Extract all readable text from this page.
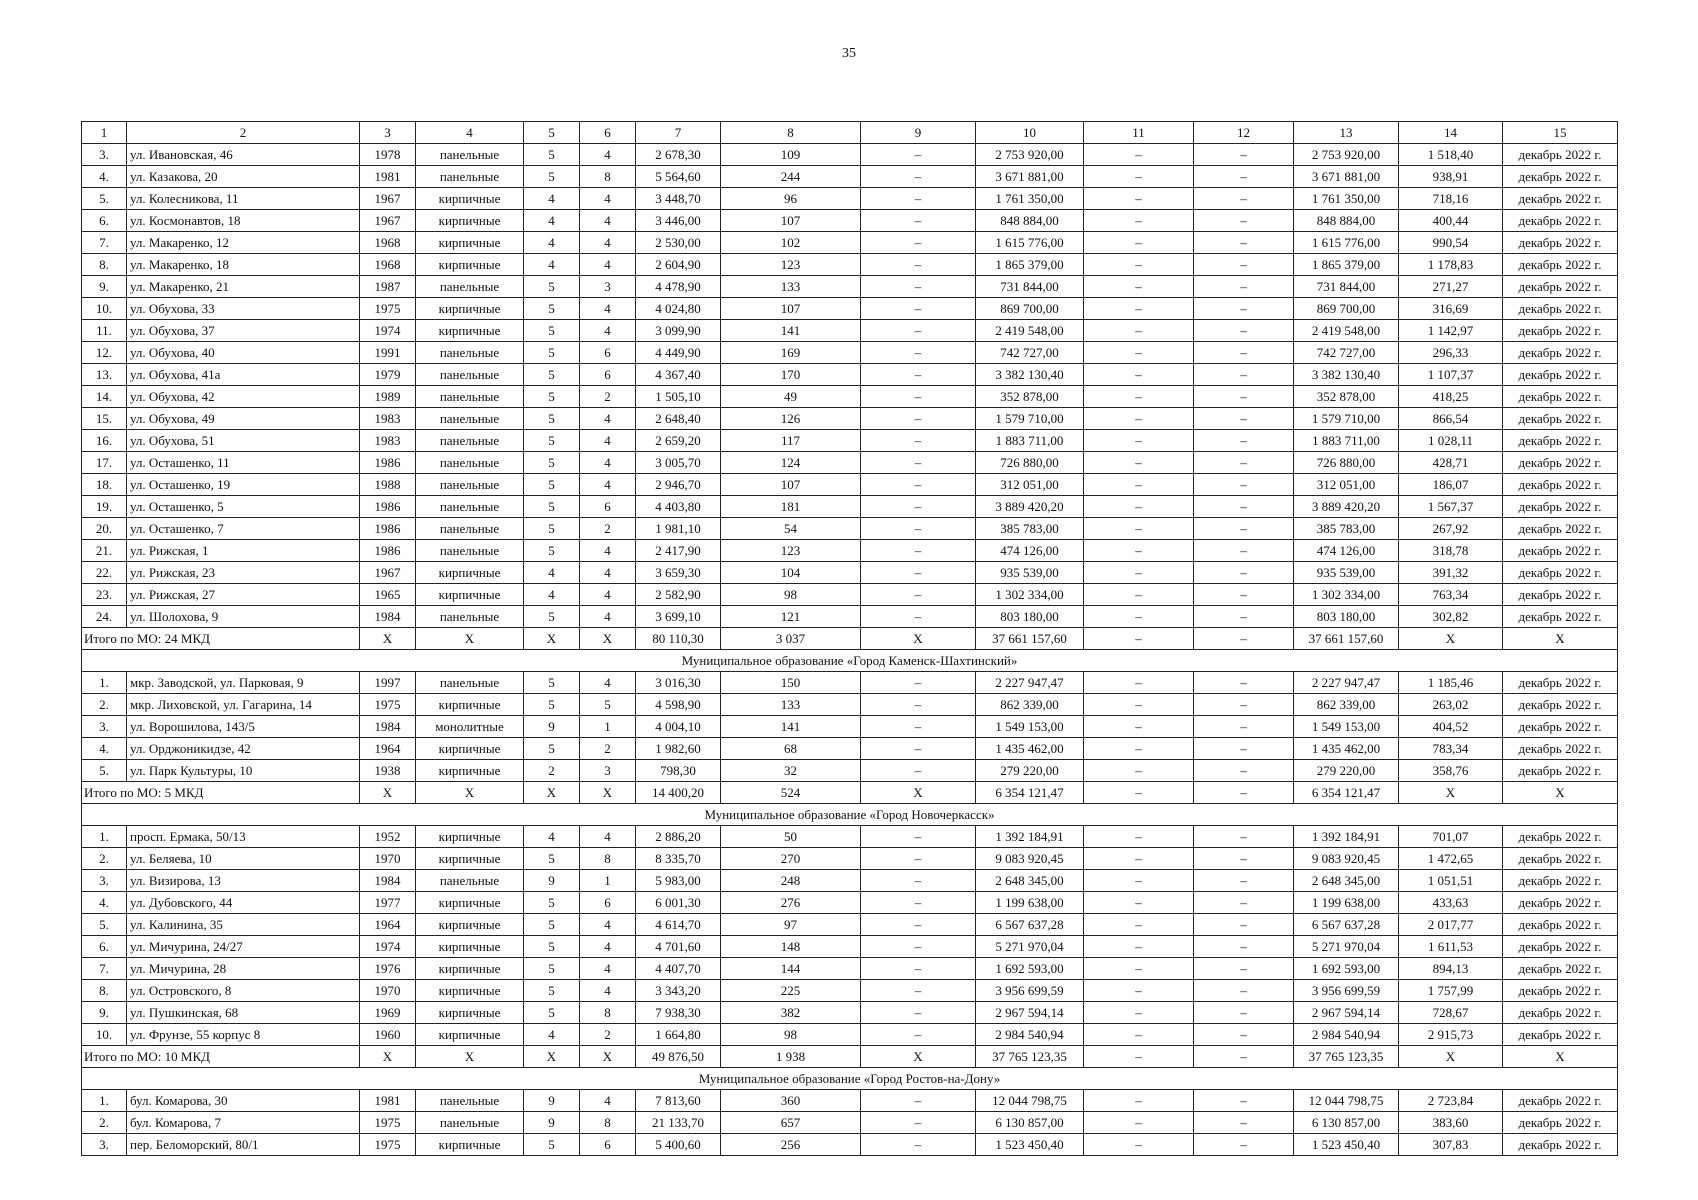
35
1	2	3	4	5	6	7	8	9	10	11	12	13	14	15
3.	ул. Ивановская, 46	1978	панельные	5	4	2 678,30	109	–	2 753 920,00	–	–	2 753 920,00	1 518,40	декабрь 2022 г.
4.	ул. Казакова, 20	1981	панельные	5	8	5 564,60	244	–	3 671 881,00	–	–	3 671 881,00	938,91	декабрь 2022 г.
5.	ул. Колесникова, 11	1967	кирпичные	4	4	3 448,70	96	–	1 761 350,00	–	–	1 761 350,00	718,16	декабрь 2022 г.
6.	ул. Космонавтов, 18	1967	кирпичные	4	4	3 446,00	107	–	848 884,00	–	–	848 884,00	400,44	декабрь 2022 г.
7.	ул. Макаренко, 12	1968	кирпичные	4	4	2 530,00	102	–	1 615 776,00	–	–	1 615 776,00	990,54	декабрь 2022 г.
8.	ул. Макаренко, 18	1968	кирпичные	4	4	2 604,90	123	–	1 865 379,00	–	–	1 865 379,00	1 178,83	декабрь 2022 г.
9.	ул. Макаренко, 21	1987	панельные	5	3	4 478,90	133	–	731 844,00	–	–	731 844,00	271,27	декабрь 2022 г.
10.	ул. Обухова, 33	1975	кирпичные	5	4	4 024,80	107	–	869 700,00	–	–	869 700,00	316,69	декабрь 2022 г.
11.	ул. Обухова, 37	1974	кирпичные	5	4	3 099,90	141	–	2 419 548,00	–	–	2 419 548,00	1 142,97	декабрь 2022 г.
12.	ул. Обухова, 40	1991	панельные	5	6	4 449,90	169	–	742 727,00	–	–	742 727,00	296,33	декабрь 2022 г.
13.	ул. Обухова, 41а	1979	панельные	5	6	4 367,40	170	–	3 382 130,40	–	–	3 382 130,40	1 107,37	декабрь 2022 г.
14.	ул. Обухова, 42	1989	панельные	5	2	1 505,10	49	–	352 878,00	–	–	352 878,00	418,25	декабрь 2022 г.
15.	ул. Обухова, 49	1983	панельные	5	4	2 648,40	126	–	1 579 710,00	–	–	1 579 710,00	866,54	декабрь 2022 г.
16.	ул. Обухова, 51	1983	панельные	5	4	2 659,20	117	–	1 883 711,00	–	–	1 883 711,00	1 028,11	декабрь 2022 г.
17.	ул. Осташенко, 11	1986	панельные	5	4	3 005,70	124	–	726 880,00	–	–	726 880,00	428,71	декабрь 2022 г.
18.	ул. Осташенко, 19	1988	панельные	5	4	2 946,70	107	–	312 051,00	–	–	312 051,00	186,07	декабрь 2022 г.
19.	ул. Осташенко, 5	1986	панельные	5	6	4 403,80	181	–	3 889 420,20	–	–	3 889 420,20	1 567,37	декабрь 2022 г.
20.	ул. Осташенко, 7	1986	панельные	5	2	1 981,10	54	–	385 783,00	–	–	385 783,00	267,92	декабрь 2022 г.
21.	ул. Рижская, 1	1986	панельные	5	4	2 417,90	123	–	474 126,00	–	–	474 126,00	318,78	декабрь 2022 г.
22.	ул. Рижская, 23	1967	кирпичные	4	4	3 659,30	104	–	935 539,00	–	–	935 539,00	391,32	декабрь 2022 г.
23.	ул. Рижская, 27	1965	кирпичные	4	4	2 582,90	98	–	1 302 334,00	–	–	1 302 334,00	763,34	декабрь 2022 г.
24.	ул. Шолохова, 9	1984	панельные	5	4	3 699,10	121	–	803 180,00	–	–	803 180,00	302,82	декабрь 2022 г.
Итого по МО: 24 МКД		X	X	X	X	80 110,30	3 037	X	37 661 157,60	–	–	37 661 157,60	X	X
Муниципальное образование «Город Каменск-Шахтинский»														
1.	мкр. Заводской, ул. Парковая, 9	1997	панельные	5	4	3 016,30	150	–	2 227 947,47	–	–	2 227 947,47	1 185,46	декабрь 2022 г.
2.	мкр. Лиховской, ул. Гагарина, 14	1975	кирпичные	5	5	4 598,90	133	–	862 339,00	–	–	862 339,00	263,02	декабрь 2022 г.
3.	ул. Ворошилова, 143/5	1984	монолитные	9	1	4 004,10	141	–	1 549 153,00	–	–	1 549 153,00	404,52	декабрь 2022 г.
4.	ул. Орджоникидзе, 42	1964	кирпичные	5	2	1 982,60	68	–	1 435 462,00	–	–	1 435 462,00	783,34	декабрь 2022 г.
5.	ул. Парк Культуры, 10	1938	кирпичные	2	3	798,30	32	–	279 220,00	–	–	279 220,00	358,76	декабрь 2022 г.
Итого по МО: 5 МКД		X	X	X	X	14 400,20	524	X	6 354 121,47	–	–	6 354 121,47	X	X
Муниципальное образование «Город Новочеркасск»														
1.	просп. Ермака, 50/13	1952	кирпичные	4	4	2 886,20	50	–	1 392 184,91	–	–	1 392 184,91	701,07	декабрь 2022 г.
2.	ул. Беляева, 10	1970	кирпичные	5	8	8 335,70	270	–	9 083 920,45	–	–	9 083 920,45	1 472,65	декабрь 2022 г.
3.	ул. Визирова, 13	1984	панельные	9	1	5 983,00	248	–	2 648 345,00	–	–	2 648 345,00	1 051,51	декабрь 2022 г.
4.	ул. Дубовского, 44	1977	кирпичные	5	6	6 001,30	276	–	1 199 638,00	–	–	1 199 638,00	433,63	декабрь 2022 г.
5.	ул. Калинина, 35	1964	кирпичные	5	4	4 614,70	97	–	6 567 637,28	–	–	6 567 637,28	2 017,77	декабрь 2022 г.
6.	ул. Мичурина, 24/27	1974	кирпичные	5	4	4 701,60	148	–	5 271 970,04	–	–	5 271 970,04	1 611,53	декабрь 2022 г.
7.	ул. Мичурина, 28	1976	кирпичные	5	4	4 407,70	144	–	1 692 593,00	–	–	1 692 593,00	894,13	декабрь 2022 г.
8.	ул. Островского, 8	1970	кирпичные	5	4	3 343,20	225	–	3 956 699,59	–	–	3 956 699,59	1 757,99	декабрь 2022 г.
9.	ул. Пушкинская, 68	1969	кирпичные	5	8	7 938,30	382	–	2 967 594,14	–	–	2 967 594,14	728,67	декабрь 2022 г.
10.	ул. Фрунзе, 55 корпус 8	1960	кирпичные	4	2	1 664,80	98	–	2 984 540,94	–	–	2 984 540,94	2 915,73	декабрь 2022 г.
Итого по МО: 10 МКД		X	X	X	X	49 876,50	1 938	X	37 765 123,35	–	–	37 765 123,35	X	X
Муниципальное образование «Город Ростов-на-Дону»														
1.	бул. Комарова, 30	1981	панельные	9	4	7 813,60	360	–	12 044 798,75	–	–	12 044 798,75	2 723,84	декабрь 2022 г.
2.	бул. Комарова, 7	1975	панельные	9	8	21 133,70	657	–	6 130 857,00	–	–	6 130 857,00	383,60	декабрь 2022 г.
3.	пер. Беломорский, 80/1	1975	кирпичные	5	6	5 400,60	256	–	1 523 450,40	–	–	1 523 450,40	307,83	декабрь 2022 г.
